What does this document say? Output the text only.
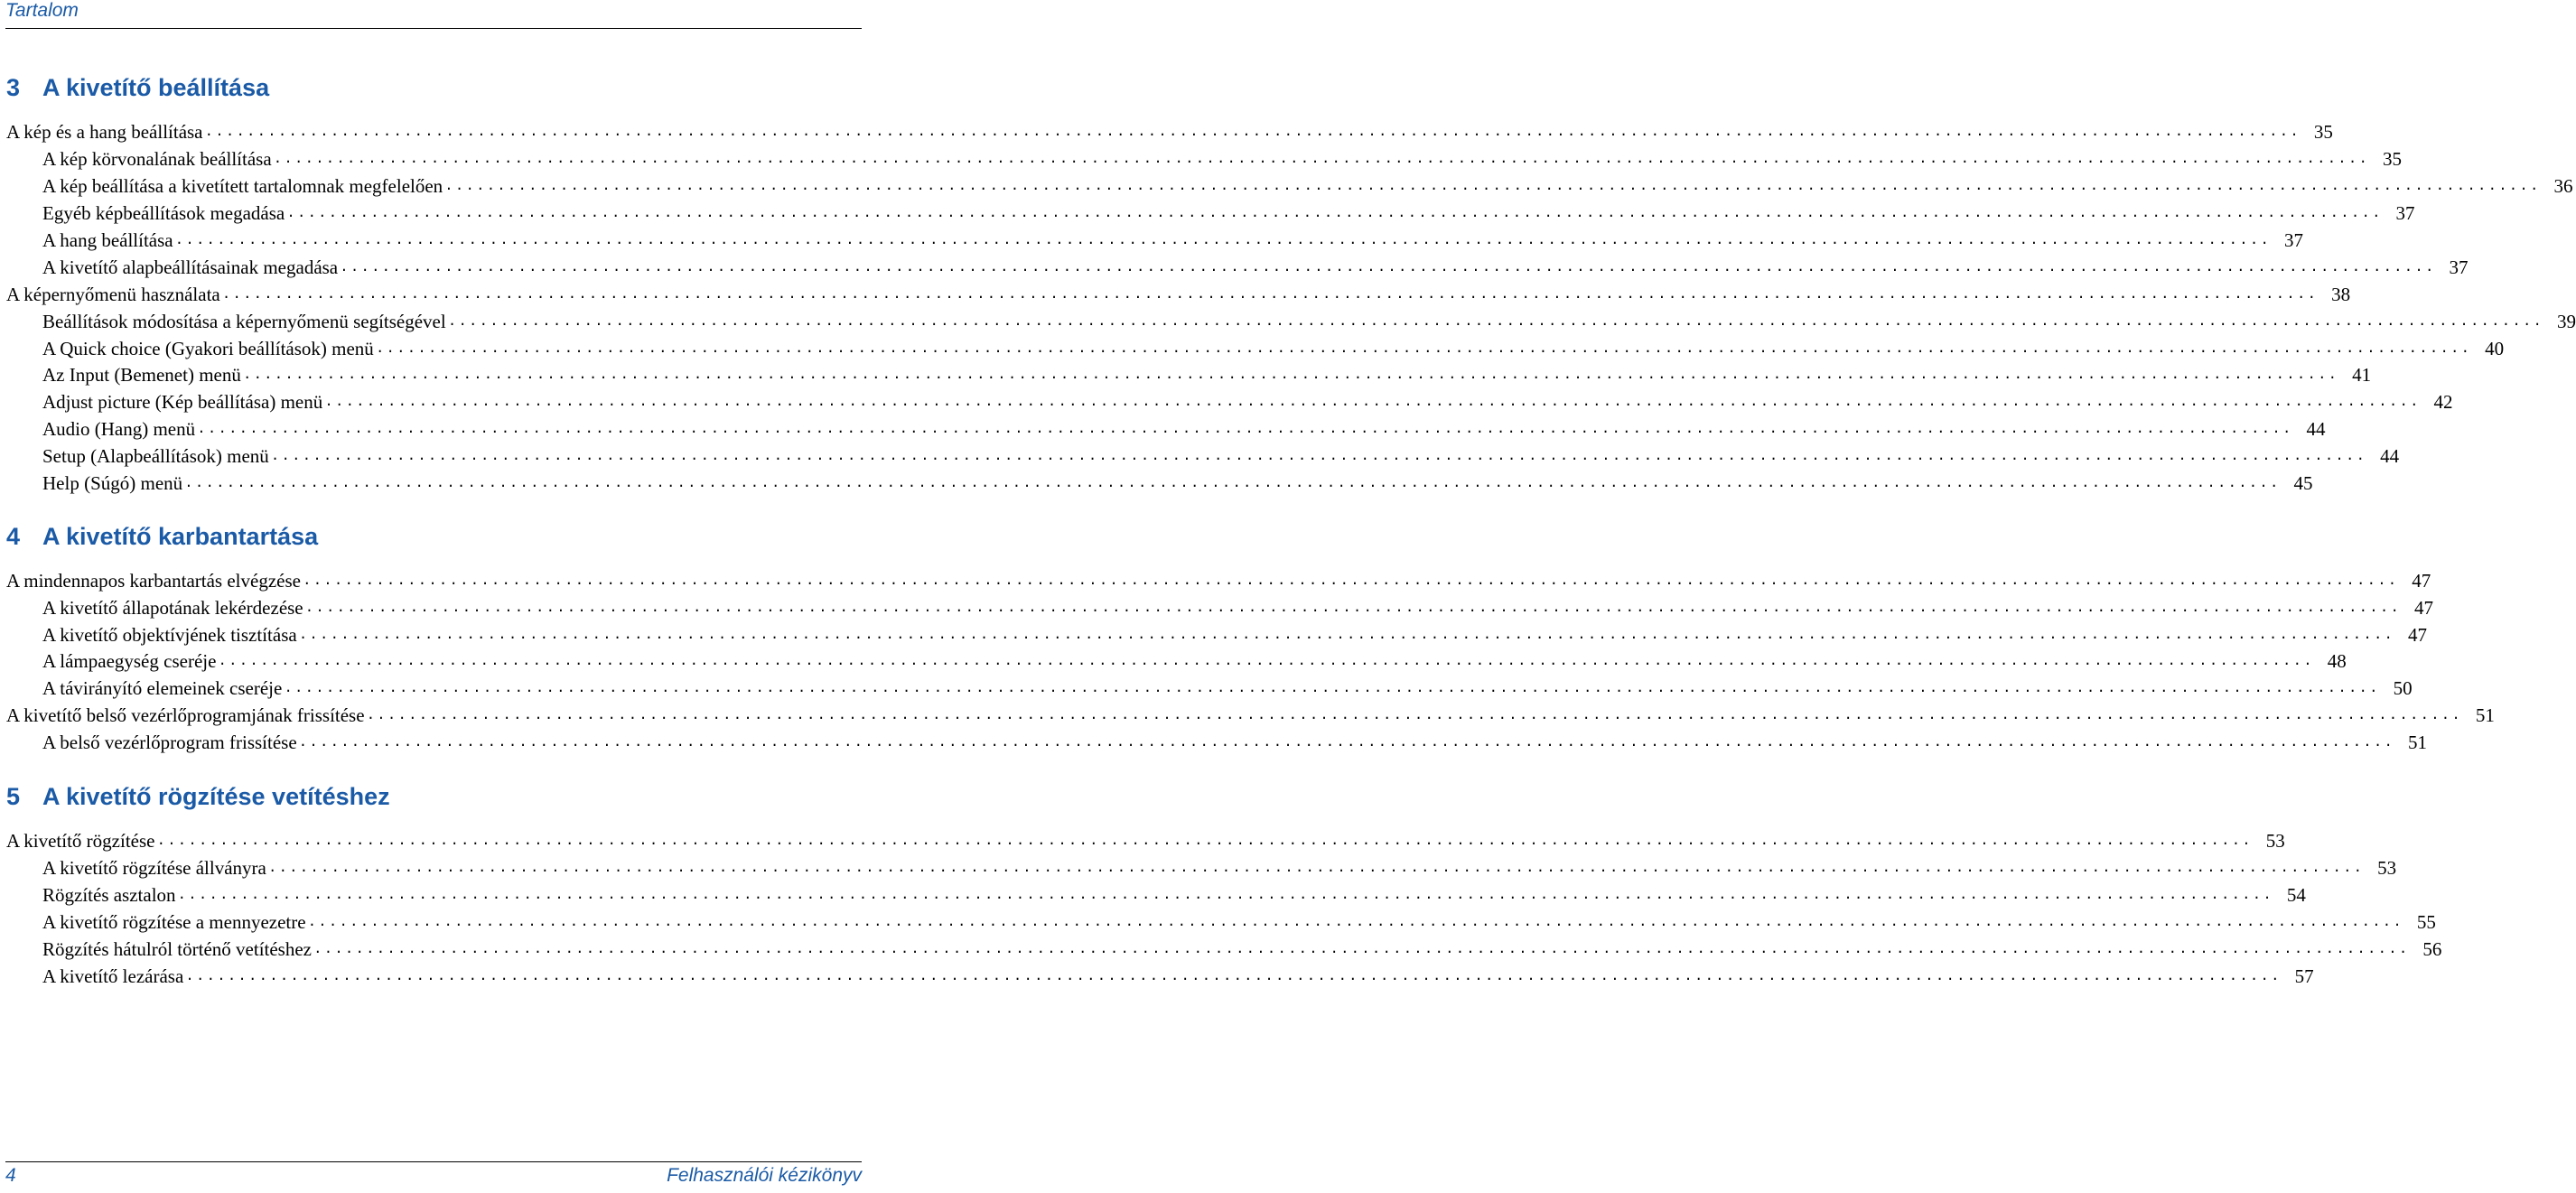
Tartalom
3 A kivetítő beállítása
A kép és a hang beállítása ........................................................................................................................................................................................................ 35
A kép körvonalának beállítása ........................................................................................................................................................................................................ 35
A kép beállítása a kivetített tartalomnak megfelelően ........................................................................................................................................................................................................ 36
Egyéb képbeállítások megadása ........................................................................................................................................................................................................ 37
A hang beállítása ........................................................................................................................................................................................................ 37
A kivetítő alapbeállításainak megadása ........................................................................................................................................................................................................ 37
A képernyőmenü használata ........................................................................................................................................................................................................ 38
Beállítások módosítása a képernyőmenü segítségével ........................................................................................................................................................................................................ 39
A Quick choice (Gyakori beállítások) menü ........................................................................................................................................................................................................ 40
Az Input (Bemenet) menü ........................................................................................................................................................................................................ 41
Adjust picture (Kép beállítása) menü ........................................................................................................................................................................................................ 42
Audio (Hang) menü ........................................................................................................................................................................................................ 44
Setup (Alapbeállítások) menü ........................................................................................................................................................................................................ 44
Help (Súgó) menü ........................................................................................................................................................................................................ 45
4 A kivetítő karbantartása
A mindennapos karbantartás elvégzése ........................................................................................................................................................................................................ 47
A kivetítő állapotának lekérdezése ........................................................................................................................................................................................................ 47
A kivetítő objektívjének tisztítása ........................................................................................................................................................................................................ 47
A lámpaegység cseréje ........................................................................................................................................................................................................ 48
A távirányító elemeinek cseréje ........................................................................................................................................................................................................ 50
A kivetítő belső vezérlőprogramjának frissítése ........................................................................................................................................................................................................ 51
A belső vezérlőprogram frissítése ........................................................................................................................................................................................................ 51
5 A kivetítő rögzítése vetítéshez
A kivetítő rögzítése ........................................................................................................................................................................................................ 53
A kivetítő rögzítése állványra ........................................................................................................................................................................................................ 53
Rögzítés asztalon ........................................................................................................................................................................................................ 54
A kivetítő rögzítése a mennyezetre ........................................................................................................................................................................................................ 55
Rögzítés hátulról történő vetítéshez ........................................................................................................................................................................................................ 56
A kivetítő lezárása ........................................................................................................................................................................................................ 57
4	Felhasználói kézikönyv
